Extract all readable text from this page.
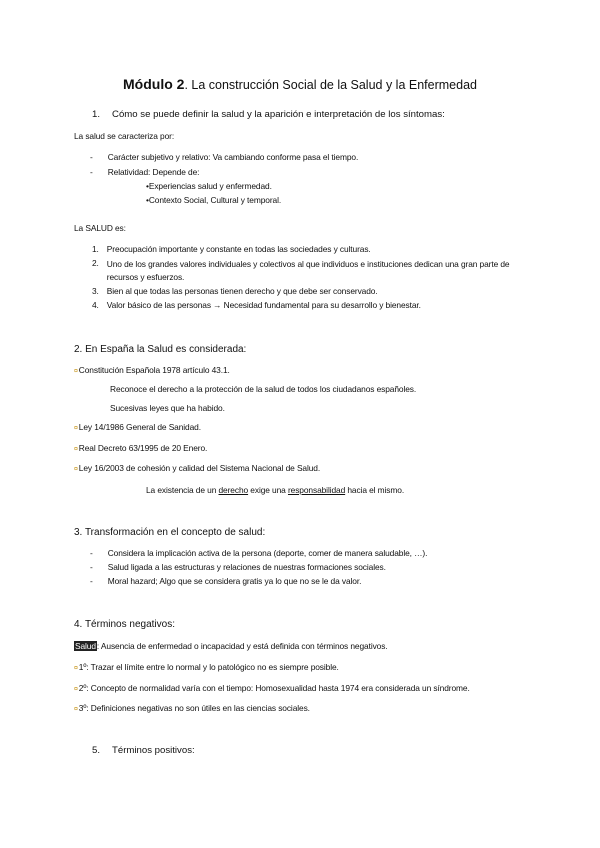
Módulo 2. La construcción Social de la Salud y la Enfermedad
1. Cómo se puede definir la salud y la aparición e interpretación de los síntomas:
La salud se caracteriza por:
- Carácter subjetivo y relativo: Va cambiando conforme pasa el tiempo.
- Relatividad: Depende de:
•Experiencias salud y enfermedad.
•Contexto Social, Cultural y temporal.
La SALUD es:
1. Preocupación importante y constante en todas las sociedades y culturas.
2. Uno de los grandes valores individuales y colectivos al que individuos e instituciones dedican una gran parte de recursos y esfuerzos.
3. Bien al que todas las personas tienen derecho y que debe ser conservado.
4. Valor básico de las personas → Necesidad fundamental para su desarrollo y bienestar.
2. En España la Salud es considerada:
¤Constitución Española 1978 artículo 43.1.
Reconoce el derecho a la protección de la salud de todos los ciudadanos españoles.
Sucesivas leyes que ha habido.
¤Ley 14/1986 General de Sanidad.
¤Real Decreto 63/1995 de 20 Enero.
¤Ley 16/2003 de cohesión y calidad del Sistema Nacional de Salud.
La existencia de un derecho exige una responsabilidad hacia el mismo.
3. Transformación en el concepto de salud:
- Considera la implicación activa de la persona (deporte, comer de manera saludable, …).
- Salud ligada a las estructuras y relaciones de nuestras formaciones sociales.
- Moral hazard; Algo que se considera gratis ya lo que no se le da valor.
4. Términos negativos:
Salud: Ausencia de enfermedad o incapacidad y está definida con términos negativos.
¤1º: Trazar el límite entre lo normal y lo patológico no es siempre posible.
¤2º: Concepto de normalidad varía con el tiempo: Homosexualidad hasta 1974 era considerada un síndrome.
¤3º: Definiciones negativas no son útiles en las ciencias sociales.
5. Términos positivos:
